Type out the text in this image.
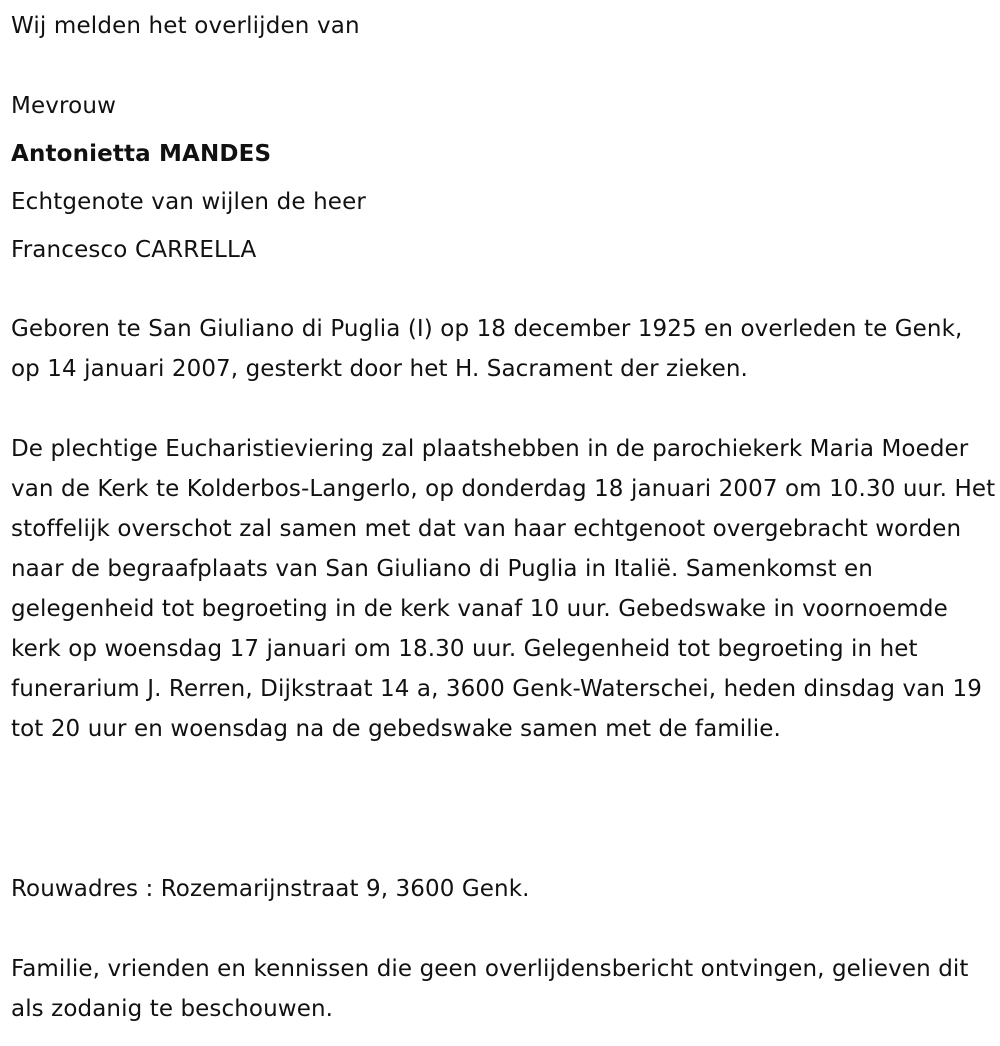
Wij melden het overlijden van
Mevrouw
Antonietta MANDES
Echtgenote van wijlen de heer
Francesco CARRELLA
Geboren te San Giuliano di Puglia (I) op 18 december 1925 en overleden te Genk, op 14 januari 2007, gesterkt door het H. Sacrament der zieken.
De plechtige Eucharistieviering zal plaatshebben in de parochiekerk Maria Moeder van de Kerk te Kolderbos-Langerlo, op donderdag 18 januari 2007 om 10.30 uur. Het stoffelijk overschot zal samen met dat van haar echtgenoot overgebracht worden naar de begraafplaats van San Giuliano di Puglia in Italië. Samenkomst en gelegenheid tot begroeting in de kerk vanaf 10 uur. Gebedswake in voornoemde kerk op woensdag 17 januari om 18.30 uur. Gelegenheid tot begroeting in het funerarium J. Rerren, Dijkstraat 14 a, 3600 Genk-Waterschei, heden dinsdag van 19 tot 20 uur en woensdag na de gebedswake samen met de familie.
Rouwadres : Rozemarijnstraat 9, 3600 Genk.
Familie, vrienden en kennissen die geen overlijdensbericht ontvingen, gelieven dit als zodanig te beschouwen.
